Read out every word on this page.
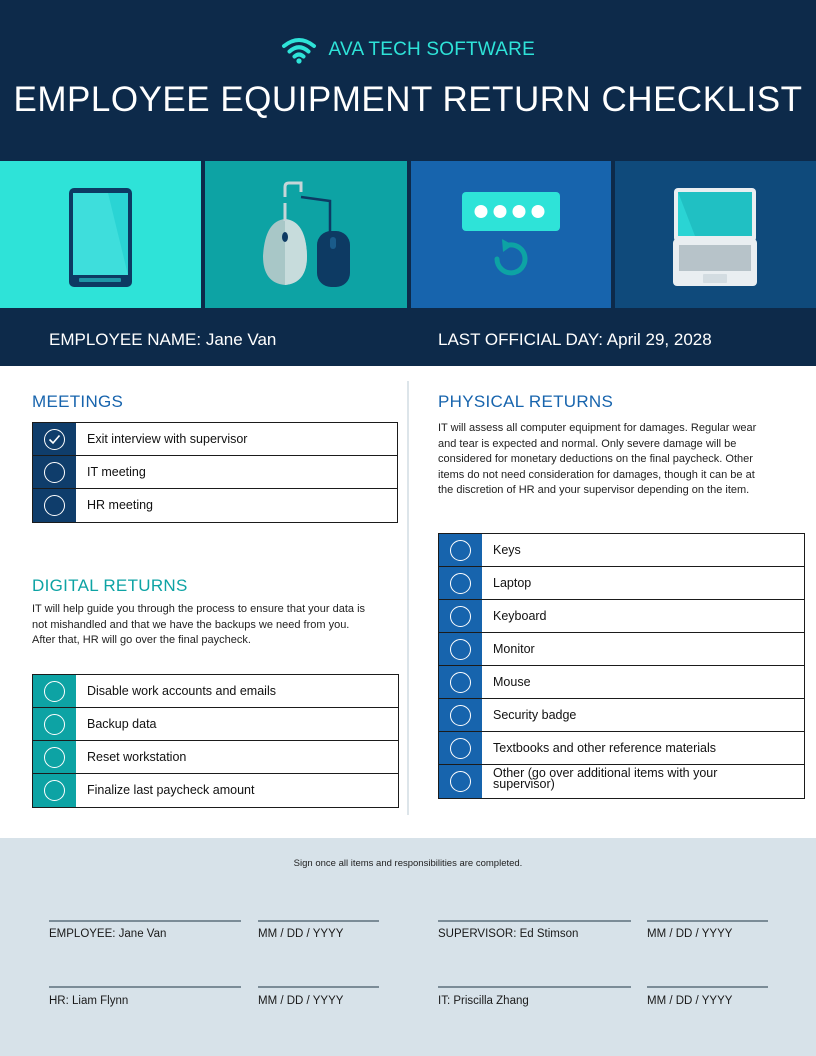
AVA TECH SOFTWARE
EMPLOYEE EQUIPMENT RETURN CHECKLIST
EMPLOYEE NAME: Jane Van	LAST OFFICIAL DAY: April 29, 2028
MEETINGS
Exit interview with supervisor
IT meeting
HR meeting
DIGITAL RETURNS
IT will help guide you through the process to ensure that your data is not mishandled and that we have the backups we need from you. After that, HR will go over the final paycheck.
Disable work accounts and emails
Backup data
Reset workstation
Finalize last paycheck amount
PHYSICAL RETURNS
IT will assess all computer equipment for damages. Regular wear and tear is expected and normal. Only severe damage will be considered for monetary deductions on the final paycheck. Other items do not need consideration for damages, though it can be at the discretion of HR and your supervisor depending on the item.
Keys
Laptop
Keyboard
Monitor
Mouse
Security badge
Textbooks and other reference materials
Other (go over additional items with your supervisor)
Sign once all items and responsibilities are completed.
EMPLOYEE: Jane Van	MM / DD / YYYY	SUPERVISOR: Ed Stimson	MM / DD / YYYY
HR: Liam Flynn	MM / DD / YYYY	IT: Priscilla Zhang	MM / DD / YYYY
